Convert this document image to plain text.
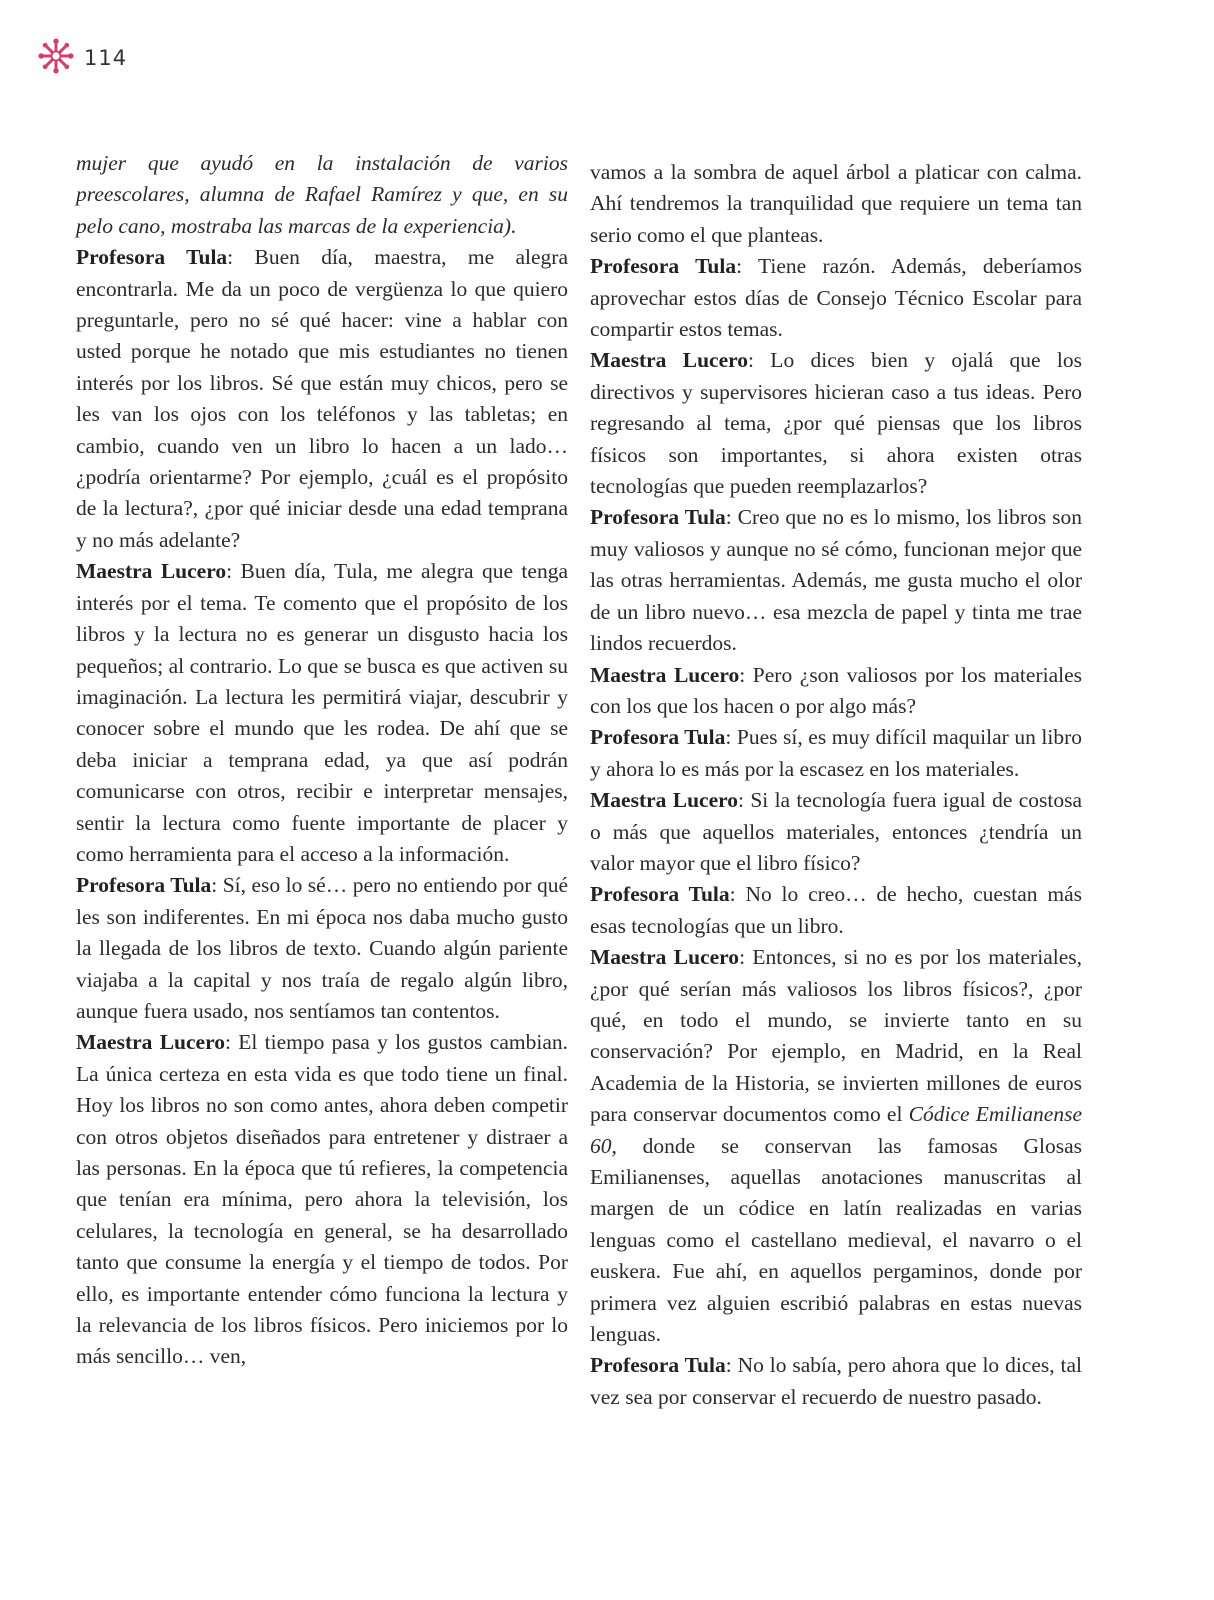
114

mujer que ayudó en la instalación de varios preescolares, alumna de Rafael Ramírez y que, en su pelo cano, mostraba las marcas de la experiencia).

Profesora Tula: Buen día, maestra, me alegra encontrarla. Me da un poco de vergüenza lo que quiero preguntarle, pero no sé qué hacer: vine a hablar con usted porque he notado que mis estudiantes no tienen interés por los libros. Sé que están muy chicos, pero se les van los ojos con los teléfonos y las tabletas; en cambio, cuando ven un libro lo hacen a un lado… ¿podría orientarme? Por ejemplo, ¿cuál es el propósito de la lectura?, ¿por qué iniciar desde una edad temprana y no más adelante?

Maestra Lucero: Buen día, Tula, me alegra que tenga interés por el tema. Te comento que el propósito de los libros y la lectura no es generar un disgusto hacia los pequeños; al contrario. Lo que se busca es que activen su imaginación. La lectura les permitirá viajar, descubrir y conocer sobre el mundo que les rodea. De ahí que se deba iniciar a temprana edad, ya que así podrán comunicarse con otros, recibir e interpretar mensajes, sentir la lectura como fuente importante de placer y como herramienta para el acceso a la información.

Profesora Tula: Sí, eso lo sé… pero no entiendo por qué les son indiferentes. En mi época nos daba mucho gusto la llegada de los libros de texto. Cuando algún pariente viajaba a la capital y nos traía de regalo algún libro, aunque fuera usado, nos sentíamos tan contentos.

Maestra Lucero: El tiempo pasa y los gustos cambian. La única certeza en esta vida es que todo tiene un final. Hoy los libros no son como antes, ahora deben competir con otros objetos diseñados para entretener y distraer a las personas. En la época que tú refieres, la competencia que tenían era mínima, pero ahora la televisión, los celulares, la tecnología en general, se ha desarrollado tanto que consume la energía y el tiempo de todos. Por ello, es importante entender cómo funciona la lectura y la relevancia de los libros físicos. Pero iniciemos por lo más sencillo… ven,

vamos a la sombra de aquel árbol a platicar con calma. Ahí tendremos la tranquilidad que requiere un tema tan serio como el que planteas.

Profesora Tula: Tiene razón. Además, deberíamos aprovechar estos días de Consejo Técnico Escolar para compartir estos temas.

Maestra Lucero: Lo dices bien y ojalá que los directivos y supervisores hicieran caso a tus ideas. Pero regresando al tema, ¿por qué piensas que los libros físicos son importantes, si ahora existen otras tecnologías que pueden reemplazarlos?

Profesora Tula: Creo que no es lo mismo, los libros son muy valiosos y aunque no sé cómo, funcionan mejor que las otras herramientas. Además, me gusta mucho el olor de un libro nuevo… esa mezcla de papel y tinta me trae lindos recuerdos.

Maestra Lucero: Pero ¿son valiosos por los materiales con los que los hacen o por algo más?

Profesora Tula: Pues sí, es muy difícil maquilar un libro y ahora lo es más por la escasez en los materiales.

Maestra Lucero: Si la tecnología fuera igual de costosa o más que aquellos materiales, entonces ¿tendría un valor mayor que el libro físico?

Profesora Tula: No lo creo… de hecho, cuestan más esas tecnologías que un libro.

Maestra Lucero: Entonces, si no es por los materiales, ¿por qué serían más valiosos los libros físicos?, ¿por qué, en todo el mundo, se invierte tanto en su conservación? Por ejemplo, en Madrid, en la Real Academia de la Historia, se invierten millones de euros para conservar documentos como el Códice Emilianense 60, donde se conservan las famosas Glosas Emilianenses, aquellas anotaciones manuscritas al margen de un códice en latín realizadas en varias lenguas como el castellano medieval, el navarro o el euskera. Fue ahí, en aquellos pergaminos, donde por primera vez alguien escribió palabras en estas nuevas lenguas.

Profesora Tula: No lo sabía, pero ahora que lo dices, tal vez sea por conservar el recuerdo de nuestro pasado.
